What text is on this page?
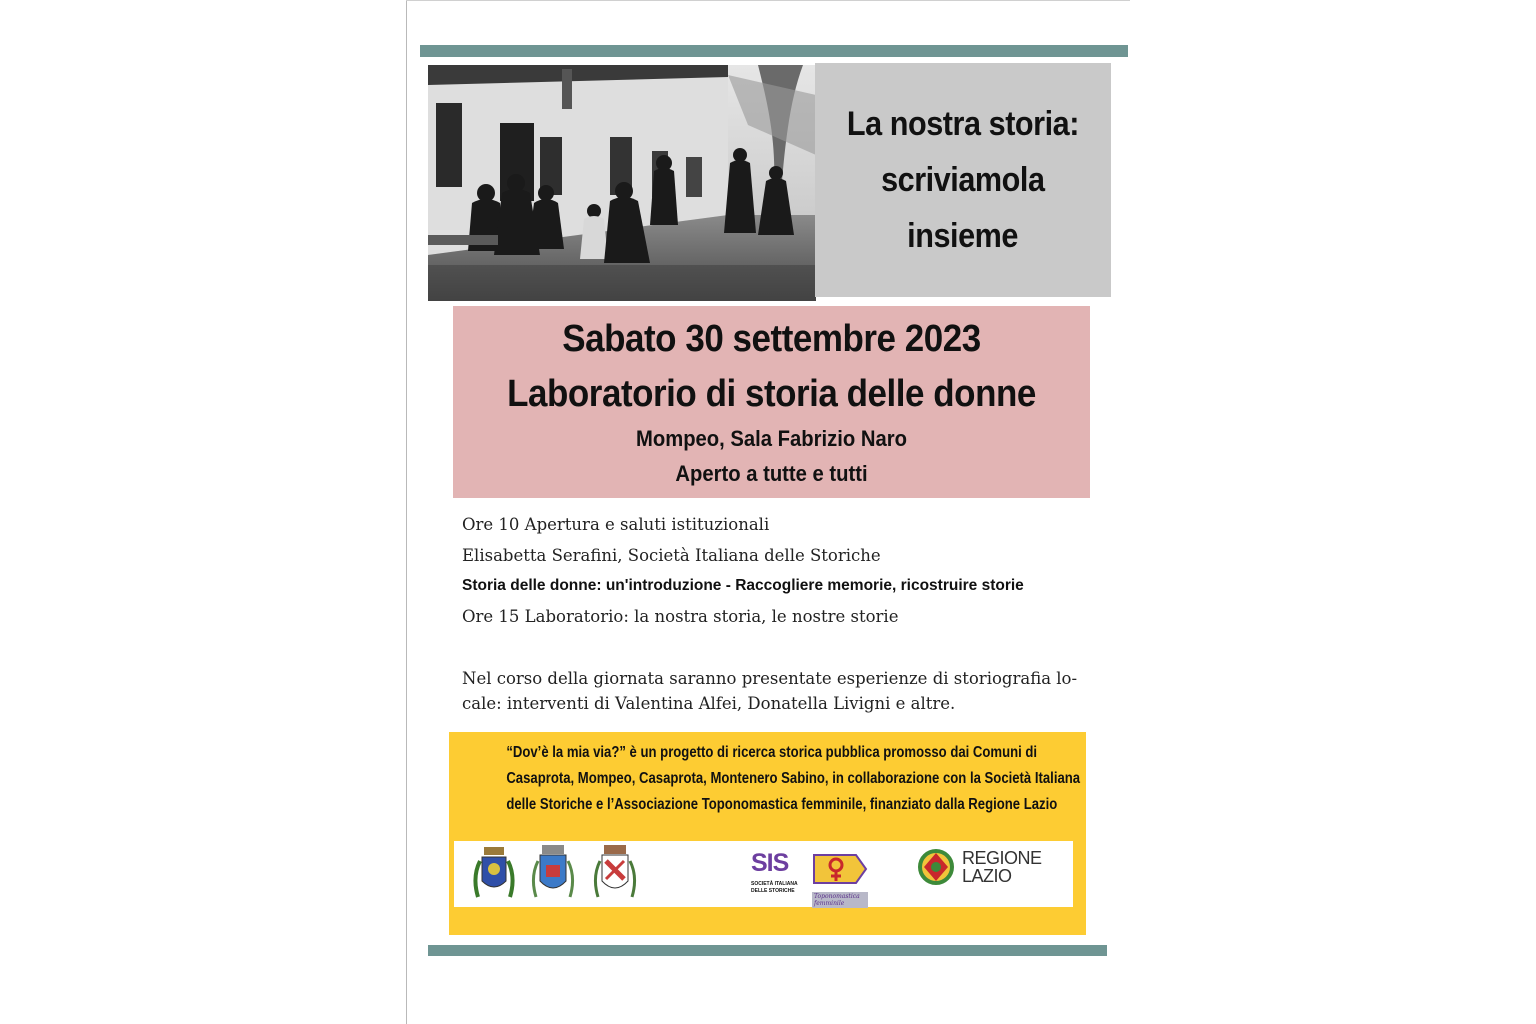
La nostra storia:
scriviamola
insieme
Sabato 30 settembre 2023
Laboratorio di storia delle donne
Mompeo, Sala Fabrizio Naro
Aperto a tutte e tutti
Ore 10 Apertura e saluti istituzionali
Elisabetta Serafini, Società Italiana delle Storiche
Storia delle donne: un'introduzione - Raccogliere memorie, ricostruire storie
Ore 15 Laboratorio: la nostra storia, le nostre storie
Nel corso della giornata saranno presentate esperienze di storiografia lo-
cale: interventi di Valentina Alfei, Donatella Livigni e altre.
“Dov’è la mia via?” è un progetto di ricerca storica pubblica promosso dai Comuni di
Casaprota, Mompeo, Casaprota, Montenero Sabino, in collaborazione con la Società Italiana
delle Storiche e l’Associazione Toponomastica femminile, finanziato dalla Regione Lazio
SIS
SOCIETÀ ITALIANA
DELLE STORICHE
Toponomastica
femminile
REGIONE
LAZIO
